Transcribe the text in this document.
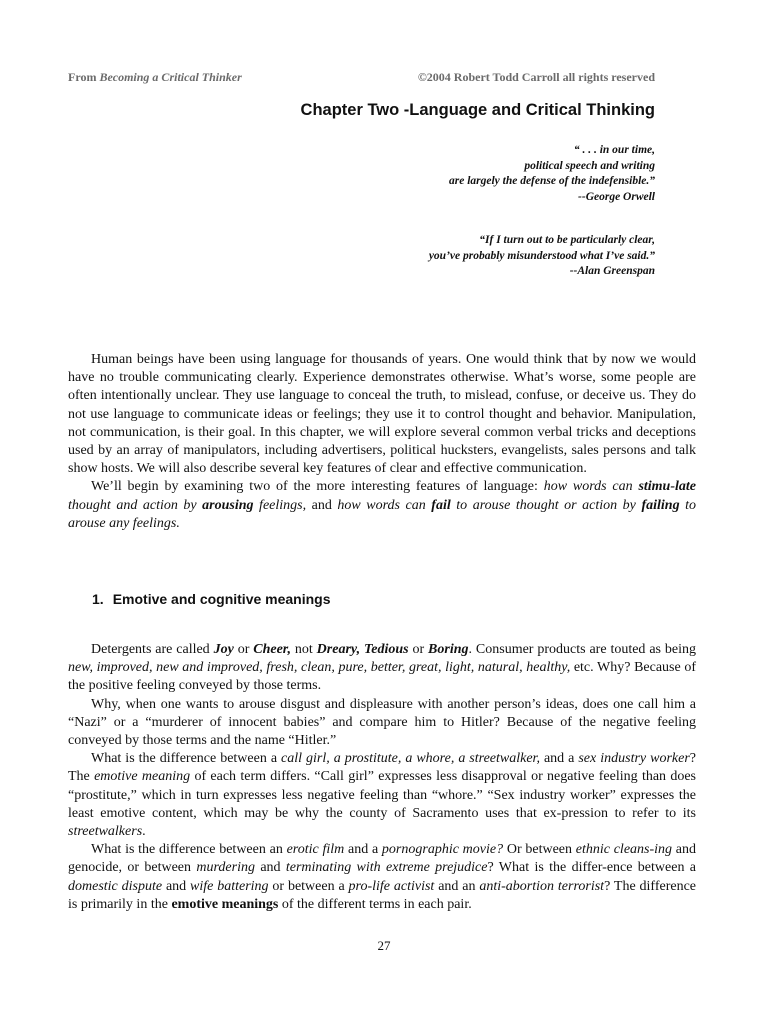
From Becoming a Critical Thinker	©2004 Robert Todd Carroll all rights reserved
Chapter Two -Language and Critical Thinking
“ . . . in our time,
political speech and writing
are largely the defense of the indefensible.”
--George Orwell
“If I turn out to be particularly clear,
you’ve probably misunderstood what I’ve said.”
--Alan Greenspan

Human beings have been using language for thousands of years. One would think that by now we would have no trouble communicating clearly. Experience demonstrates otherwise. What’s worse, some people are often intentionally unclear. They use language to conceal the truth, to mislead, confuse, or deceive us. They do not use language to communicate ideas or feelings; they use it to control thought and behavior. Manipulation, not communication, is their goal. In this chapter, we will explore several common verbal tricks and deceptions used by an array of manipulators, including advertisers, political hucksters, evangelists, sales persons and talk show hosts. We will also describe several key features of clear and effective communication.

We’ll begin by examining two of the more interesting features of language: how words can stimu-late thought and action by arousing feelings, and how words can fail to arouse thought or action by failing to arouse any feelings.

1. Emotive and cognitive meanings

Detergents are called Joy or Cheer, not Dreary, Tedious or Boring. Consumer products are touted as being new, improved, new and improved, fresh, clean, pure, better, great, light, natural, healthy, etc. Why? Because of the positive feeling conveyed by those terms.

Why, when one wants to arouse disgust and displeasure with another person’s ideas, does one call him a “Nazi” or a “murderer of innocent babies” and compare him to Hitler? Because of the negative feeling conveyed by those terms and the name “Hitler.”

What is the difference between a call girl, a prostitute, a whore, a streetwalker, and a sex industry worker? The emotive meaning of each term differs. “Call girl” expresses less disapproval or negative feeling than does “prostitute,” which in turn expresses less negative feeling than “whore.” “Sex industry worker” expresses the least emotive content, which may be why the county of Sacramento uses that ex-pression to refer to its streetwalkers.

What is the difference between an erotic film and a pornographic movie? Or between ethnic cleans-ing and genocide, or between murdering and terminating with extreme prejudice? What is the differ-ence between a domestic dispute and wife battering or between a pro-life activist and an anti-abortion terrorist? The difference is primarily in the emotive meanings of the different terms in each pair.

27
